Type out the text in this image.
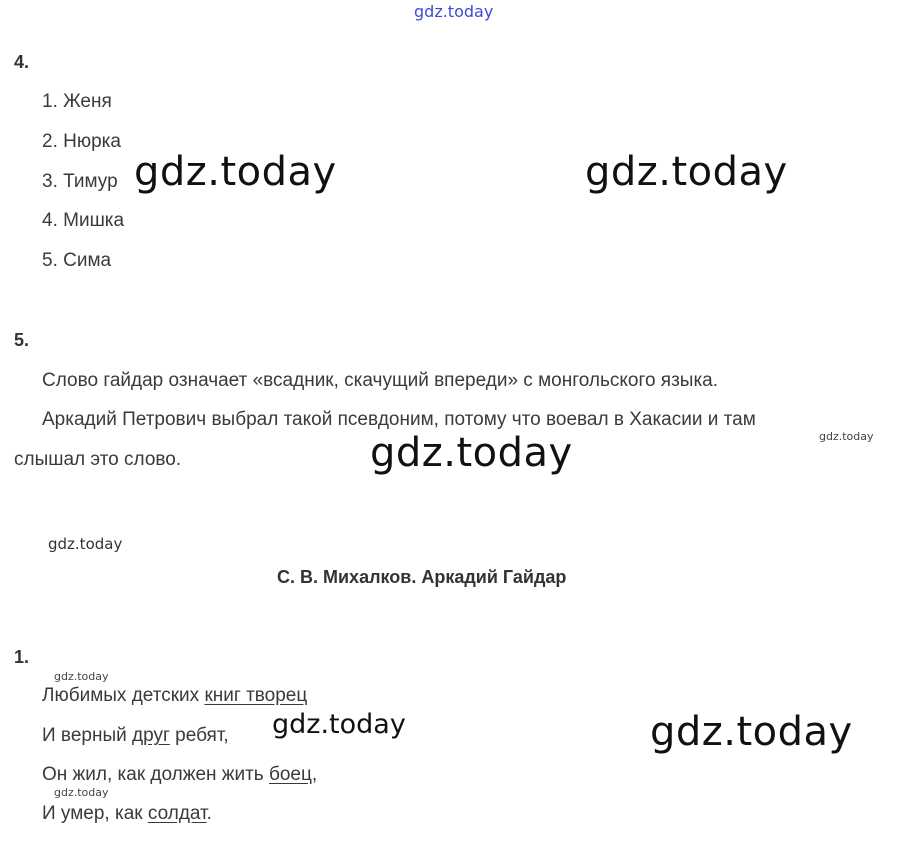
gdz.today
4.
1. Женя
2. Нюрка
3. Тимур
4. Мишка
5. Сима
gdz.today	gdz.today
5.
Слово гайдар означает «всадник, скачущий впереди» с монгольского языка.
Аркадий Петрович выбрал такой псевдоним, потому что воевал в Хакасии и там
слышал это слово.
gdz.today
gdz.today
gdz.today
С. В. Михалков. Аркадий Гайдар
1.
gdz.today
Любимых детских книг творец
И верный друг ребят,
Он жил, как должен жить боец,
И умер, как солдат.
gdz.today	gdz.today
gdz.today
